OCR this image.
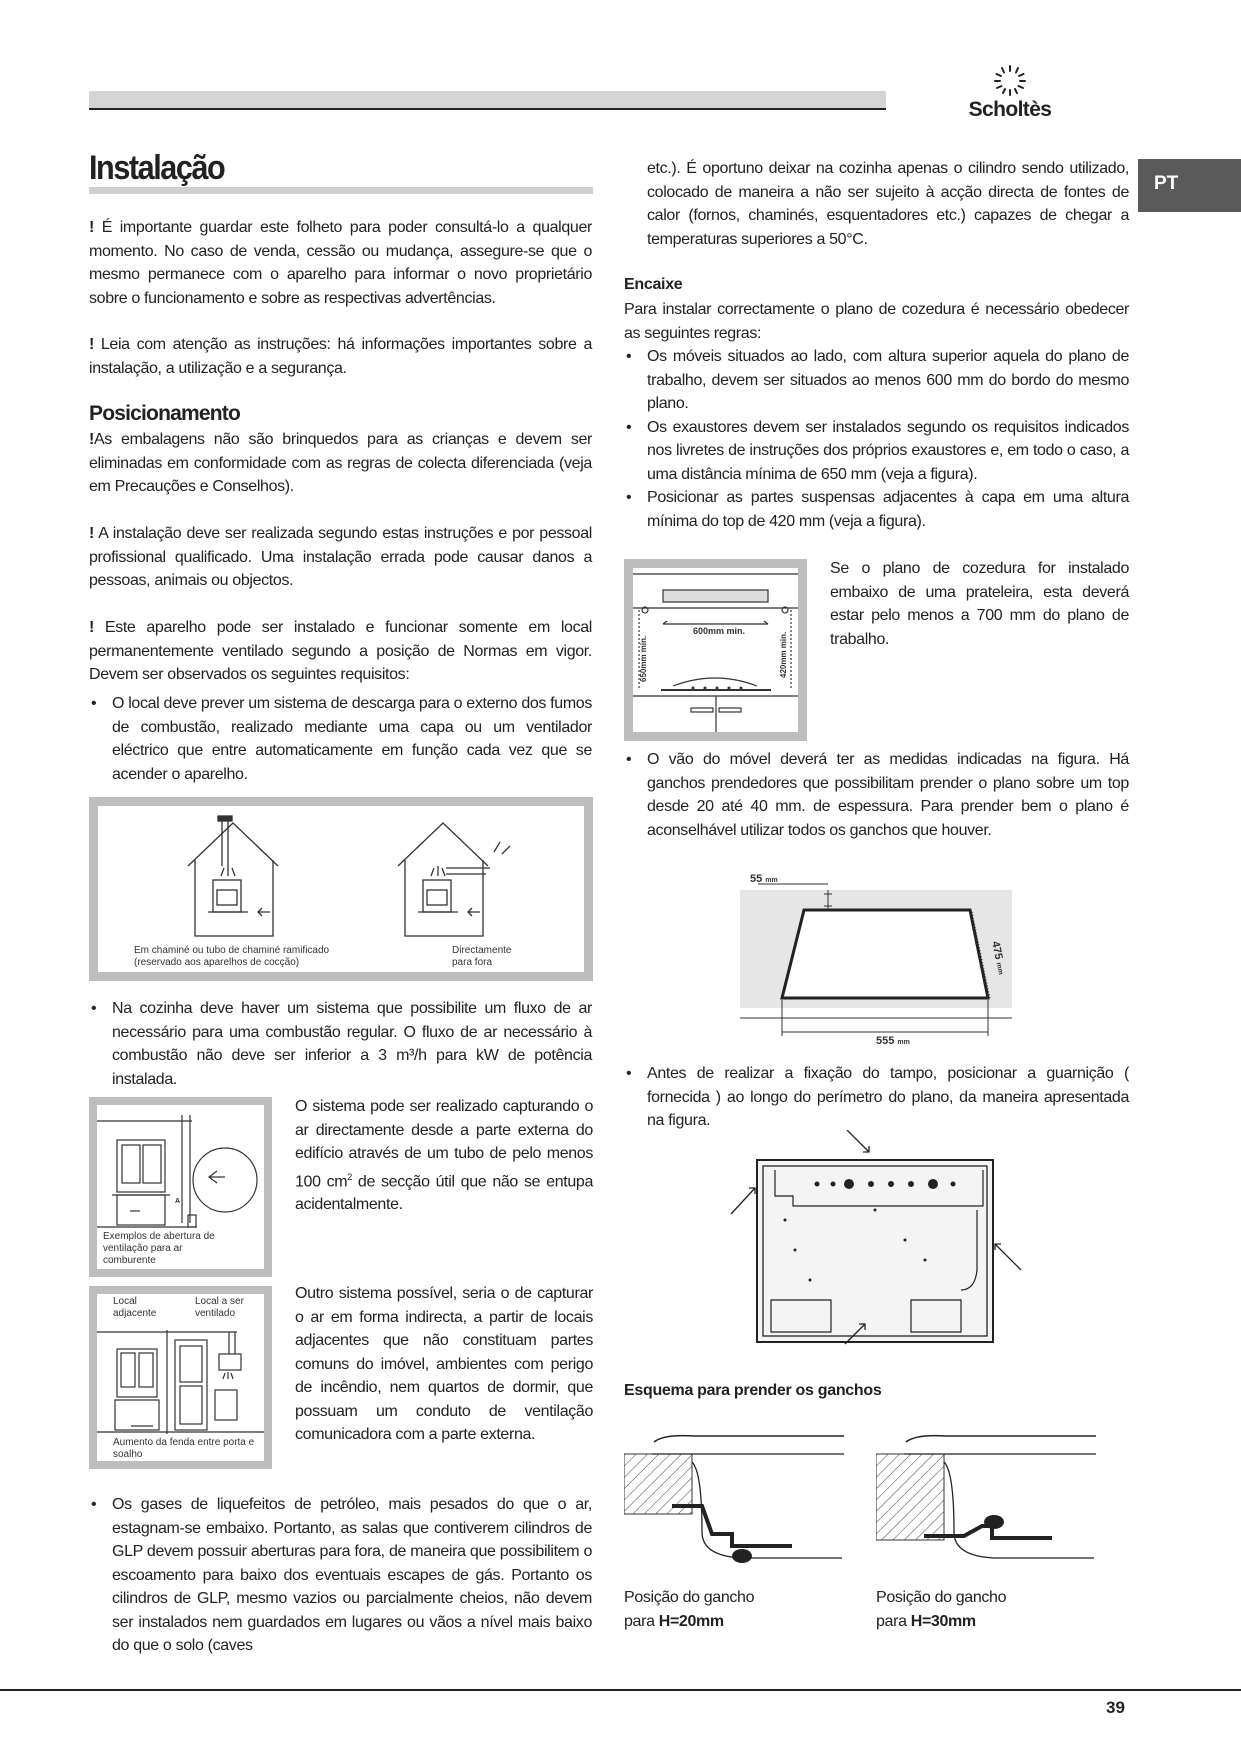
Scholtès
PT
Instalação
! É importante guardar este folheto para poder consultá-lo a qualquer momento. No caso de venda, cessão ou mudança, assegure-se que o mesmo permanece com o aparelho para informar o novo proprietário sobre o funcionamento e sobre as respectivas advertências.
! Leia com atenção as instruções: há informações importantes sobre a instalação, a utilização e a segurança.
Posicionamento
!As embalagens não são brinquedos para as crianças e devem ser eliminadas em conformidade com as regras de colecta diferenciada (veja em Precauções e Conselhos).
! A instalação deve ser realizada segundo estas instruções e por pessoal profissional qualificado. Uma instalação errada pode causar danos a pessoas, animais ou objectos.
! Este aparelho pode ser instalado e funcionar somente em local permanentemente ventilado segundo a posição de Normas em vigor. Devem ser observados os seguintes requisitos:
• O local deve prever um sistema de descarga para o externo dos fumos de combustão, realizado mediante uma capa ou um ventilador eléctrico que entre automaticamente em função cada vez que se acender o aparelho.
Em chaminé ou tubo de chaminé ramificado (reservado aos aparelhos de cocção)
Directamente para fora
• Na cozinha deve haver um sistema que possibilite um fluxo de ar necessário para uma combustão regular. O fluxo de ar necessário à combustão não deve ser inferior a 3 m³/h para kW de potência instalada.
A
Exemplos de abertura de ventilação para ar comburente
O sistema pode ser realizado capturando o ar directamente desde a parte externa do edifício através de um tubo de pelo menos 100 $cm^2$ de secção útil que não se entupa acidentalmente.
Local adjacente
Local a ser ventilado
Aumento da fenda entre porta e soalho
Outro sistema possível, seria o de capturar o ar em forma indirecta, a partir de locais adjacentes que não constituam partes comuns do imóvel, ambientes com perigo de incêndio, nem quartos de dormir, que possuam um conduto de ventilação comunicadora com a parte externa.
• Os gases de liquefeitos de petróleo, mais pesados do que o ar, estagnam-se embaixo. Portanto, as salas que contiverem cilindros de GLP devem possuir aberturas para fora, de maneira que possibilitem o escoamento para baixo dos eventuais escapes de gás. Portanto os cilindros de GLP, mesmo vazios ou parcialmente cheios, não devem ser instalados nem guardados em lugares ou vãos a nível mais baixo do que o solo (caves
etc.). É oportuno deixar na cozinha apenas o cilindro sendo utilizado, colocado de maneira a não ser sujeito à acção directa de fontes de calor (fornos, chaminés, esquentadores etc.) capazes de chegar a temperaturas superiores a 50°C.
Encaixe
Para instalar correctamente o plano de cozedura é necessário obedecer as seguintes regras:
• Os móveis situados ao lado, com altura superior aquela do plano de trabalho, devem ser situados ao menos 600 mm do bordo do mesmo plano.
• Os exaustores devem ser instalados segundo os requisitos indicados nos livretes de instruções dos próprios exaustores e, em todo o caso, a uma distância mínima de 650 mm (veja a figura).
• Posicionar as partes suspensas adjacentes à capa em uma altura mínima do top de 420 mm (veja a figura).
600mm min.
650mm min.	420mm min.
Se o plano de cozedura for instalado embaixo de uma prateleira, esta deverá estar pelo menos a 700 mm do plano de trabalho.
• O vão do móvel deverá ter as medidas indicadas na figura. Há ganchos prendedores que possibilitam prender o plano sobre um top desde 20 até 40 mm. de espessura. Para prender bem o plano é aconselhável utilizar todos os ganchos que houver.
55 mm
475mm
555 mm
• Antes de realizar a fixação do tampo, posicionar a guarnição ( fornecida ) ao longo do perímetro do plano, da maneira apresentada na figura.
Esquema para prender os ganchos
Posição do gancho
para H=20mm
Posição do gancho
para H=30mm
39
